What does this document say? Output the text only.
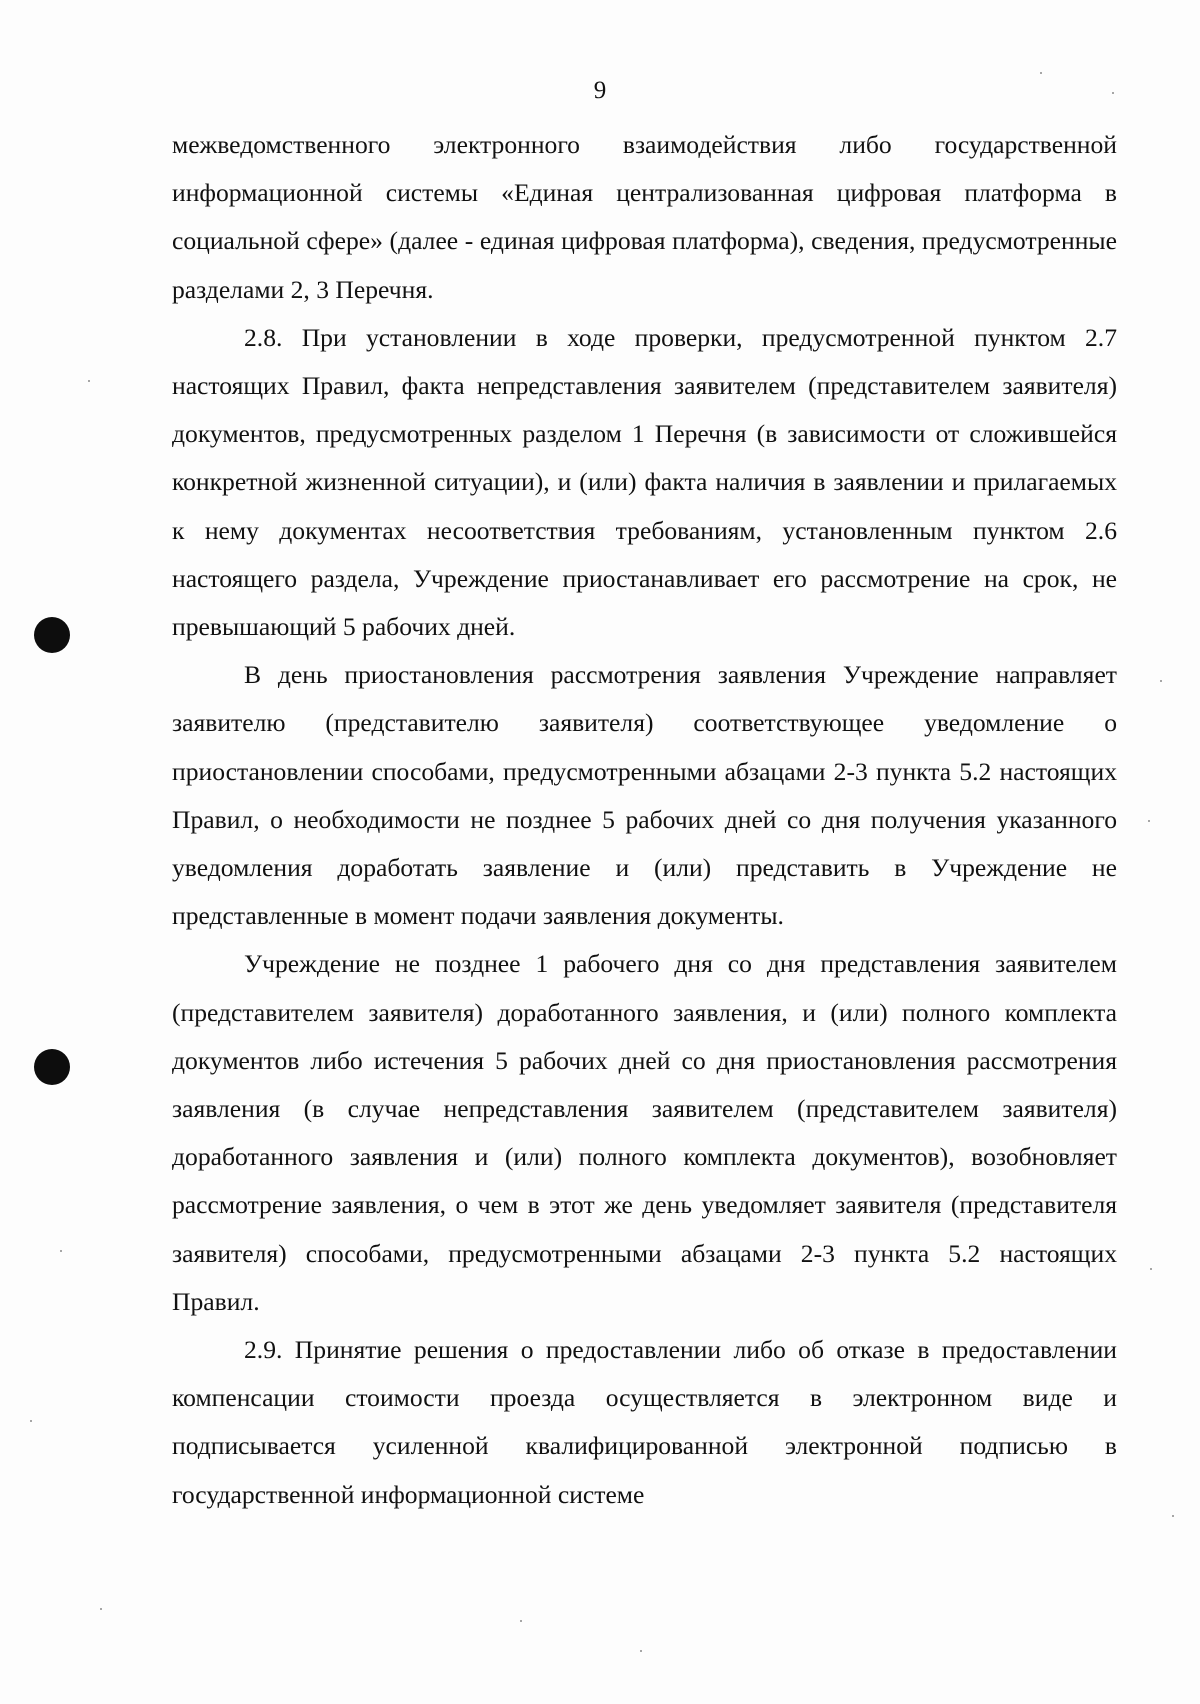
9

межведомственного электронного взаимодействия либо государственной информационной системы «Единая централизованная цифровая платформа в социальной сфере» (далее - единая цифровая платформа), сведения, предусмотренные разделами 2, 3 Перечня.

2.8. При установлении в ходе проверки, предусмотренной пунктом 2.7 настоящих Правил, факта непредставления заявителем (представителем заявителя) документов, предусмотренных разделом 1 Перечня (в зависимости от сложившейся конкретной жизненной ситуации), и (или) факта наличия в заявлении и прилагаемых к нему документах несоответствия требованиям, установленным пунктом 2.6 настоящего раздела, Учреждение приостанавливает его рассмотрение на срок, не превышающий 5 рабочих дней.

В день приостановления рассмотрения заявления Учреждение направляет заявителю (представителю заявителя) соответствующее уведомление о приостановлении способами, предусмотренными абзацами 2-3 пункта 5.2 настоящих Правил, о необходимости не позднее 5 рабочих дней со дня получения указанного уведомления доработать заявление и (или) представить в Учреждение не представленные в момент подачи заявления документы.

Учреждение не позднее 1 рабочего дня со дня представления заявителем (представителем заявителя) доработанного заявления, и (или) полного комплекта документов либо истечения 5 рабочих дней со дня приостановления рассмотрения заявления (в случае непредставления заявителем (представителем заявителя) доработанного заявления и (или) полного комплекта документов), возобновляет рассмотрение заявления, о чем в этот же день уведомляет заявителя (представителя заявителя) способами, предусмотренными абзацами 2-3 пункта 5.2 настоящих Правил.

2.9. Принятие решения о предоставлении либо об отказе в предоставлении компенсации стоимости проезда осуществляется в электронном виде и подписывается усиленной квалифицированной электронной подписью в государственной информационной системе
